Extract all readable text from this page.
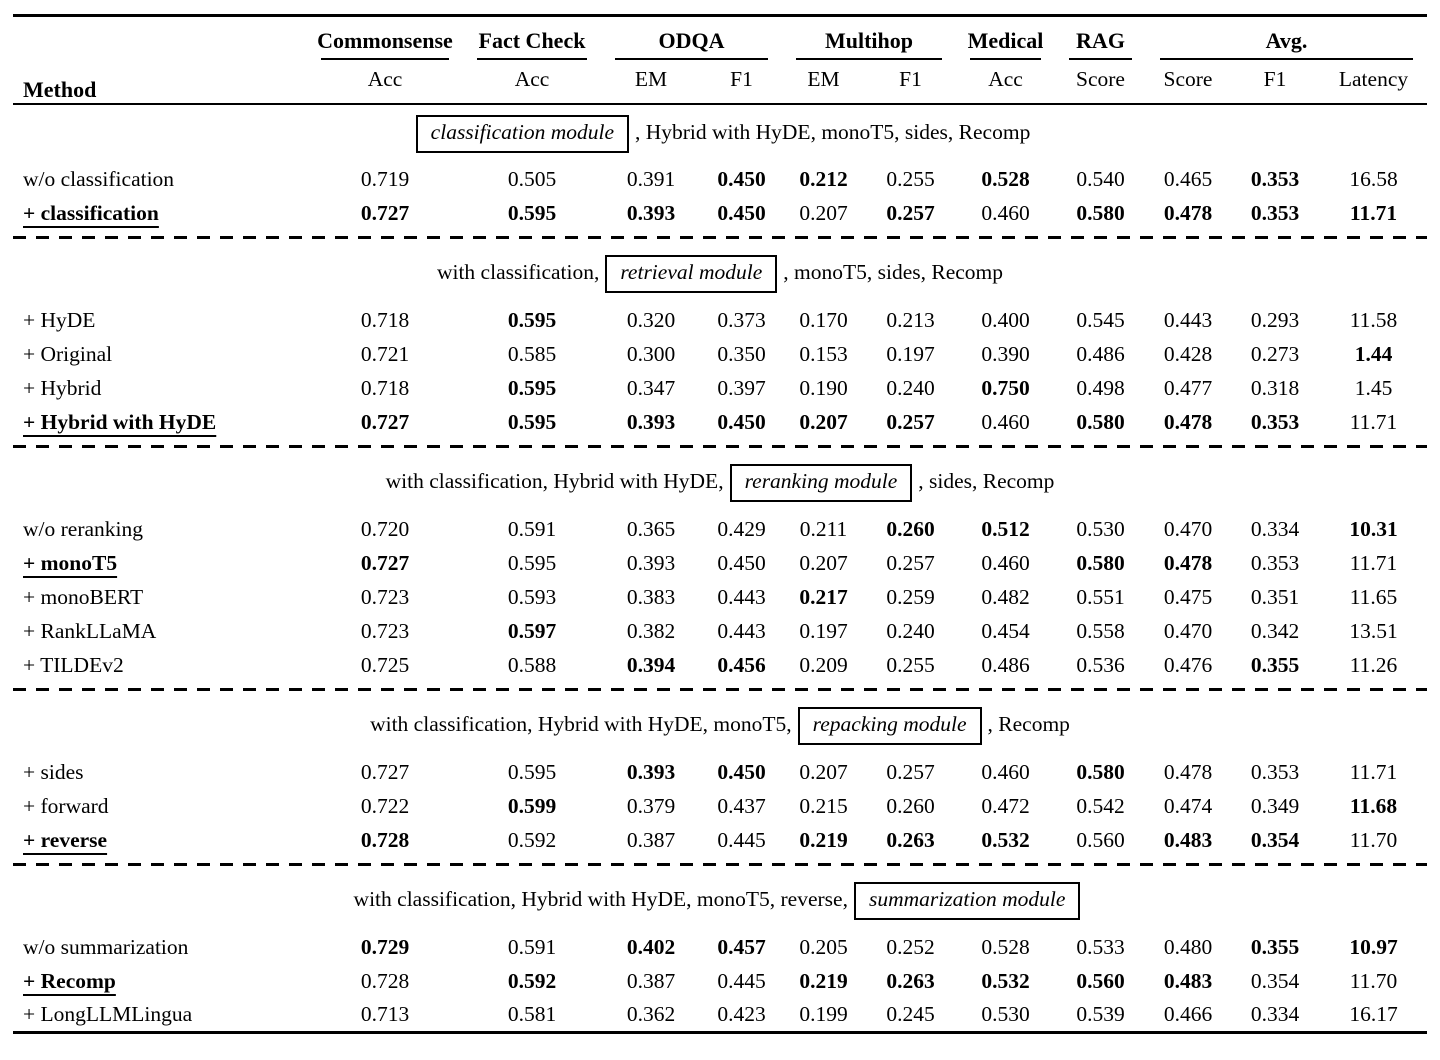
Method	Commonsense	Fact Check	ODQA		Multihop		Medical	RAG	Avg.		

	Acc	Acc	EM	F1	EM	F1	Acc	Score	Score	F1	Latency
classification module , Hybrid with HyDE, monoT5, sides, Recomp											
w/o classification	0.719	0.505	0.391	0.450	0.212	0.255	0.528	0.540	0.465	0.353	16.58
+ classification	0.727	0.595	0.393	0.450	0.207	0.257	0.460	0.580	0.478	0.353	11.71

with classification, retrieval module , monoT5, sides, Recomp											
+ HyDE	0.718	0.595	0.320	0.373	0.170	0.213	0.400	0.545	0.443	0.293	11.58
+ Original	0.721	0.585	0.300	0.350	0.153	0.197	0.390	0.486	0.428	0.273	1.44
+ Hybrid	0.718	0.595	0.347	0.397	0.190	0.240	0.750	0.498	0.477	0.318	1.45
+ Hybrid with HyDE	0.727	0.595	0.393	0.450	0.207	0.257	0.460	0.580	0.478	0.353	11.71

with classification, Hybrid with HyDE, reranking module , sides, Recomp											
w/o reranking	0.720	0.591	0.365	0.429	0.211	0.260	0.512	0.530	0.470	0.334	10.31
+ monoT5	0.727	0.595	0.393	0.450	0.207	0.257	0.460	0.580	0.478	0.353	11.71
+ monoBERT	0.723	0.593	0.383	0.443	0.217	0.259	0.482	0.551	0.475	0.351	11.65
+ RankLLaMA	0.723	0.597	0.382	0.443	0.197	0.240	0.454	0.558	0.470	0.342	13.51
+ TILDEv2	0.725	0.588	0.394	0.456	0.209	0.255	0.486	0.536	0.476	0.355	11.26

with classification, Hybrid with HyDE, monoT5, repacking module , Recomp											
+ sides	0.727	0.595	0.393	0.450	0.207	0.257	0.460	0.580	0.478	0.353	11.71
+ forward	0.722	0.599	0.379	0.437	0.215	0.260	0.472	0.542	0.474	0.349	11.68
+ reverse	0.728	0.592	0.387	0.445	0.219	0.263	0.532	0.560	0.483	0.354	11.70

with classification, Hybrid with HyDE, monoT5, reverse, summarization module											
w/o summarization	0.729	0.591	0.402	0.457	0.205	0.252	0.528	0.533	0.480	0.355	10.97
+ Recomp	0.728	0.592	0.387	0.445	0.219	0.263	0.532	0.560	0.483	0.354	11.70
+ LongLLMLingua	0.713	0.581	0.362	0.423	0.199	0.245	0.530	0.539	0.466	0.334	16.17
